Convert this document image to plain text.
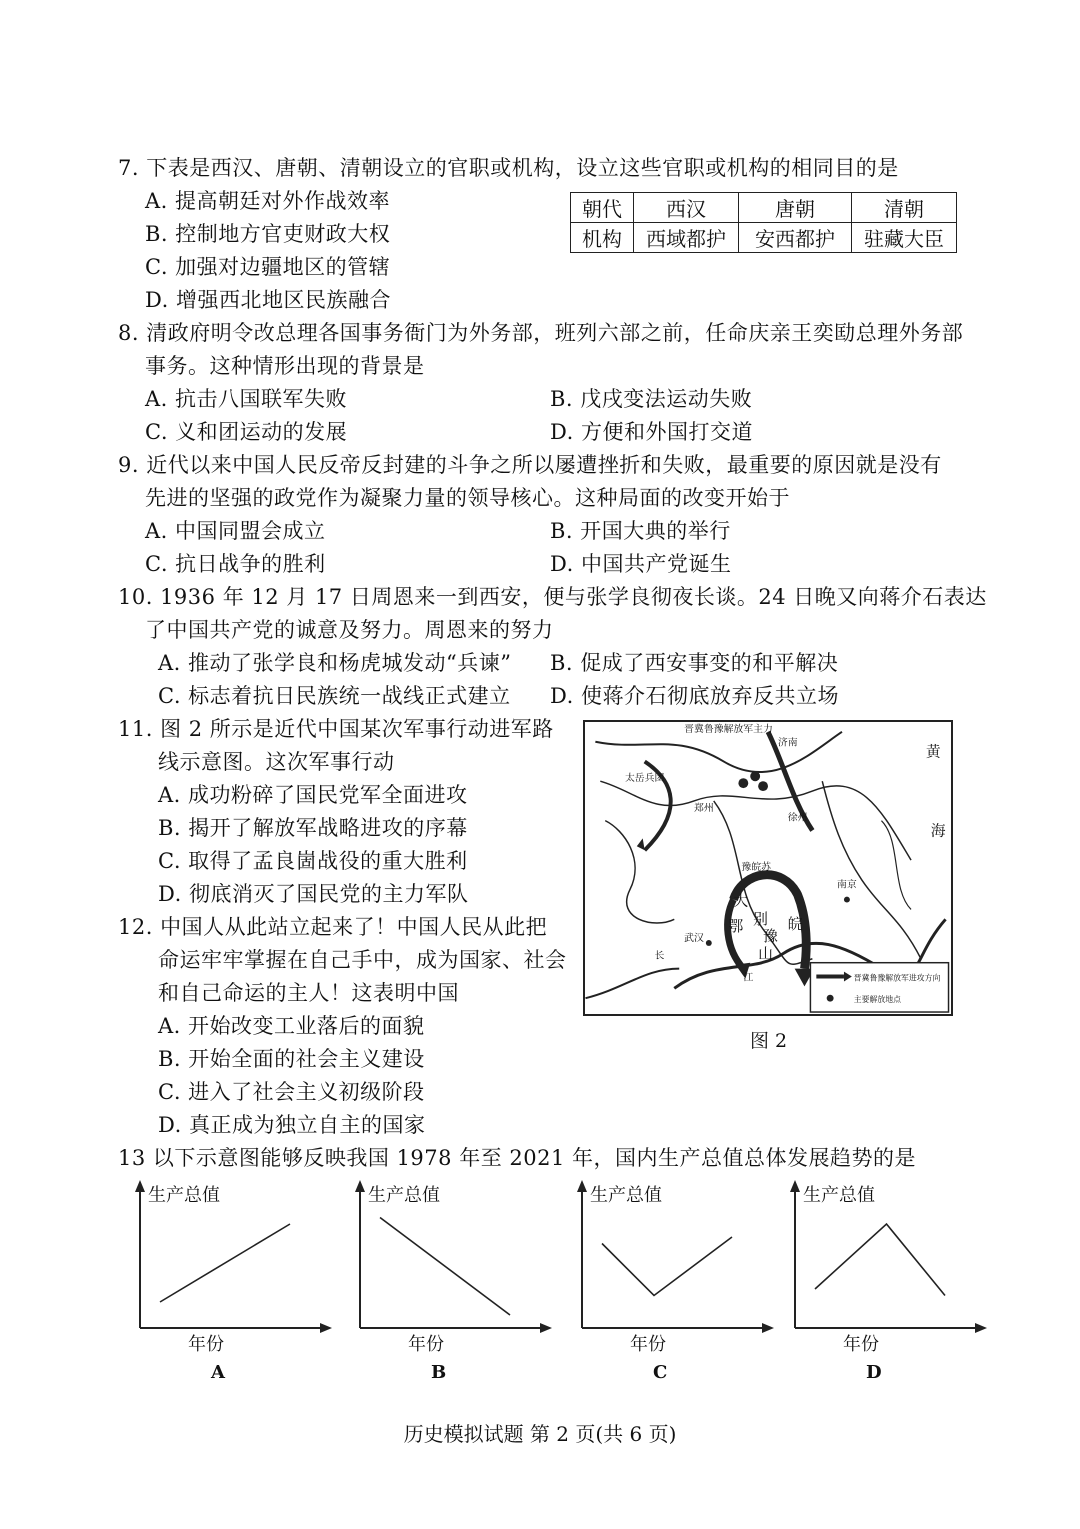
7. 下表是西汉、唐朝、清朝设立的官职或机构，设立这些官职或机构的相同目的是
A. 提高朝廷对外作战效率
B. 控制地方官吏财政大权
C. 加强对边疆地区的管辖
D. 增强西北地区民族融合
朝代	西汉	唐朝	清朝
机构	西域都护	安西都护	驻藏大臣
8. 清政府明令改总理各国事务衙门为外务部，班列六部之前，任命庆亲王奕劻总理外务部
事务。这种情形出现的背景是
A. 抗击八国联军失败	B. 戊戌变法运动失败
C. 义和团运动的发展	D. 方便和外国打交道
9. 近代以来中国人民反帝反封建的斗争之所以屡遭挫折和失败，最重要的原因就是没有
先进的坚强的政党作为凝聚力量的领导核心。这种局面的改变开始于
A. 中国同盟会成立	B. 开国大典的举行
C. 抗日战争的胜利	D. 中国共产党诞生
10. 1936 年 12 月 17 日周恩来一到西安，便与张学良彻夜长谈。24 日晚又向蒋介石表达
了中国共产党的诚意及努力。周恩来的努力
A. 推动了张学良和杨虎城发动“兵谏” B. 促成了西安事变的和平解决
C. 标志着抗日民族统一战线正式建立 D. 使蒋介石彻底放弃反共立场
11. 图 2 所示是近代中国某次军事行动进军路
线示意图。这次军事行动
A. 成功粉碎了国民党军全面进攻
B. 揭开了解放军战略进攻的序幕
C. 取得了孟良崮战役的重大胜利
D. 彻底消灭了国民党的主力军队
晋冀鲁豫解放军主力
太岳兵团
济南
郑州
徐州
豫皖苏
大
别
鄂
豫
皖
山
南京
武汉
江
长
黄
海
晋冀鲁豫解放军进攻方向
主要解放地点
图 2
12. 中国人从此站立起来了！中国人民从此把
命运牢牢掌握在自己手中，成为国家、社会
和自己命运的主人！这表明中国
A. 开始改变工业落后的面貌
B. 开始全面的社会主义建设
C. 进入了社会主义初级阶段
D. 真正成为独立自主的国家
13 以下示意图能够反映我国 1978 年至 2021 年，国内生产总值总体发展趋势的是
生产总值
年份
A
生产总值
年份
B
生产总值
年份
C
生产总值
年份
D
历史模拟试题 第 2 页(共 6 页)
